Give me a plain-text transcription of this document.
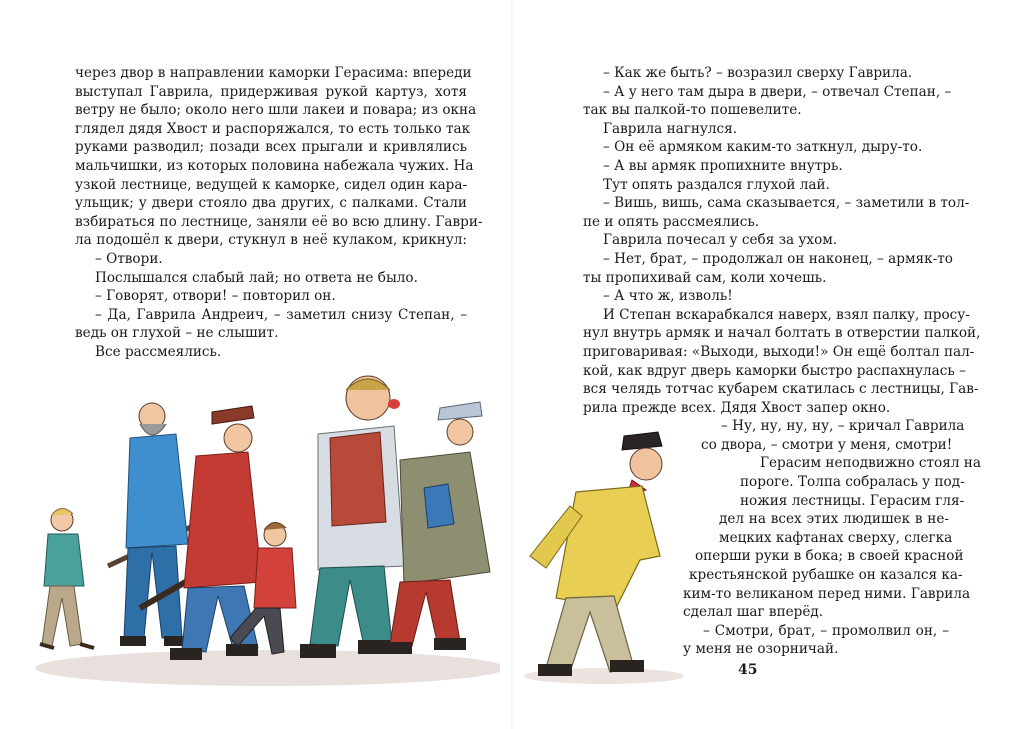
через двор в направлении каморки Герасима: впереди
выступал Гаврила, придерживая рукой картуз, хотя
ветру не было; около него шли лакеи и повара; из окна
глядел дядя Хвост и распоряжался, то есть только так
руками разводил; позади всех прыгали и кривлялись
мальчишки, из которых половина набежала чужих. На
узкой лестнице, ведущей к каморке, сидел один кара-
ульщик; у двери стояло два других, с палками. Стали
взбираться по лестнице, заняли её во всю длину. Гаври-
ла подошёл к двери, стукнул в неё кулаком, крикнул:
– Отвори.
Послышался слабый лай; но ответа не было.
– Говорят, отвори! – повторил он.
– Да, Гаврила Андреич, – заметил снизу Степан, –
ведь он глухой – не слышит.
Все рассмеялись.
– Как же быть? – возразил сверху Гаврила.
– А у него там дыра в двери, – отвечал Степан, –
так вы палкой-то пошевелите.
Гаврила нагнулся.
– Он её армяком каким-то заткнул, дыру-то.
– А вы армяк пропихните внутрь.
Тут опять раздался глухой лай.
– Вишь, вишь, сама сказывается, – заметили в тол-
пе и опять рассмеялись.
Гаврила почесал у себя за ухом.
– Нет, брат, – продолжал он наконец, – армяк-то
ты пропихивай сам, коли хочешь.
– А что ж, изволь!
И Степан вскарабкался наверх, взял палку, просу-
нул внутрь армяк и начал болтать в отверстии палкой,
приговаривая: «Выходи, выходи!» Он ещё болтал пал-
кой, как вдруг дверь каморки быстро распахнулась –
вся челядь тотчас кубарем скатилась с лестницы, Гав-
рила прежде всех. Дядя Хвост запер окно.
– Ну, ну, ну, ну, – кричал Гаврила
со двора, – смотри у меня, смотри!
Герасим неподвижно стоял на
пороге. Толпа собралась у под-
ножия лестницы. Герасим гля-
дел на всех этих людишек в не-
мецких кафтанах сверху, слегка
оперши руки в бока; в своей красной
крестьянской рубашке он казался ка-
ким-то великаном перед ними. Гаврила
сделал шаг вперёд.
– Смотри, брат, – промолвил он, –
у меня не озорничай.
45
